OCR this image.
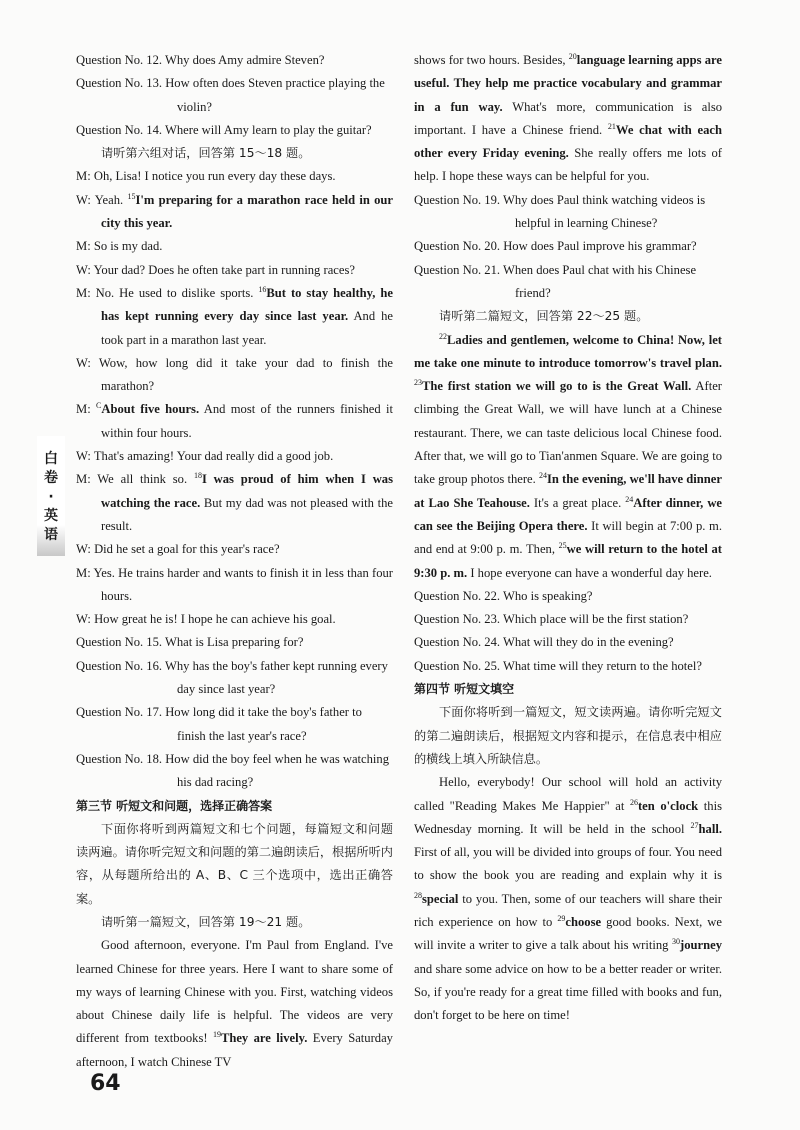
白卷·英语

Question No. 12. Why does Amy admire Steven?

Question No. 13. How often does Steven practice playing the violin?

Question No. 14. Where will Amy learn to play the guitar?

请听第六组对话，回答第 15～18 题。

M: Oh, Lisa! I notice you run every day these days.

W: Yeah. $^{15}$I'm preparing for a marathon race held in our city this year.

M: So is my dad.

W: Your dad? Does he often take part in running races?

M: No. He used to dislike sports. $^{16}$But to stay healthy, he has kept running every day since last year. And he took part in a marathon last year.

W: Wow, how long did it take your dad to finish the marathon?

M: $^C$About five hours. And most of the runners finished it within four hours.

W: That's amazing! Your dad really did a good job.

M: We all think so. $^{18}$I was proud of him when I was watching the race. But my dad was not pleased with the result.

W: Did he set a goal for this year's race?

M: Yes. He trains harder and wants to finish it in less than four hours.

W: How great he is! I hope he can achieve his goal.

Question No. 15. What is Lisa preparing for?

Question No. 16. Why has the boy's father kept running every day since last year?

Question No. 17. How long did it take the boy's father to finish the last year's race?

Question No. 18. How did the boy feel when he was watching his dad racing?

第三节 听短文和问题，选择正确答案

下面你将听到两篇短文和七个问题，每篇短文和问题读两遍。请你听完短文和问题的第二遍朗读后，根据所听内容，从每题所给出的 A、B、C 三个选项中，选出正确答案。

请听第一篇短文，回答第 19～21 题。

Good afternoon, everyone. I'm Paul from England. I've learned Chinese for three years. Here I want to share some of my ways of learning Chinese with you. First, watching videos about Chinese daily life is helpful. The videos are very different from textbooks! $^{19}$They are lively. Every Saturday afternoon, I watch Chinese TV

shows for two hours. Besides, $^{20}$language learning apps are useful. They help me practice vocabulary and grammar in a fun way. What's more, communication is also important. I have a Chinese friend. $^{21}$We chat with each other every Friday evening. She really offers me lots of help. I hope these ways can be helpful for you.

Question No. 19. Why does Paul think watching videos is helpful in learning Chinese?

Question No. 20. How does Paul improve his grammar?

Question No. 21. When does Paul chat with his Chinese friend?

请听第二篇短文，回答第 22～25 题。

$^{22}$Ladies and gentlemen, welcome to China! Now, let me take one minute to introduce tomorrow's travel plan. $^{23}$The first station we will go to is the Great Wall. After climbing the Great Wall, we will have lunch at a Chinese restaurant. There, we can taste delicious local Chinese food. After that, we will go to Tian'anmen Square. We are going to take group photos there. $^{24}$In the evening, we'll have dinner at Lao She Teahouse. It's a great place. $^{24}$After dinner, we can see the Beijing Opera there. It will begin at 7:00 p. m. and end at 9:00 p. m. Then, $^{25}$we will return to the hotel at 9:30 p. m. I hope everyone can have a wonderful day here.

Question No. 22. Who is speaking?

Question No. 23. Which place will be the first station?

Question No. 24. What will they do in the evening?

Question No. 25. What time will they return to the hotel?

第四节 听短文填空

下面你将听到一篇短文，短文读两遍。请你听完短文的第二遍朗读后，根据短文内容和提示，在信息表中相应的横线上填入所缺信息。

Hello, everybody! Our school will hold an activity called "Reading Makes Me Happier" at $^{26}$ten o'clock this Wednesday morning. It will be held in the school $^{27}$hall. First of all, you will be divided into groups of four. You need to show the book you are reading and explain why it is $^{28}$special to you. Then, some of our teachers will share their rich experience on how to $^{29}$choose good books. Next, we will invite a writer to give a talk about his writing $^{30}$journey and share some advice on how to be a better reader or writer. So, if you're ready for a great time filled with books and fun, don't forget to be here on time!

64
